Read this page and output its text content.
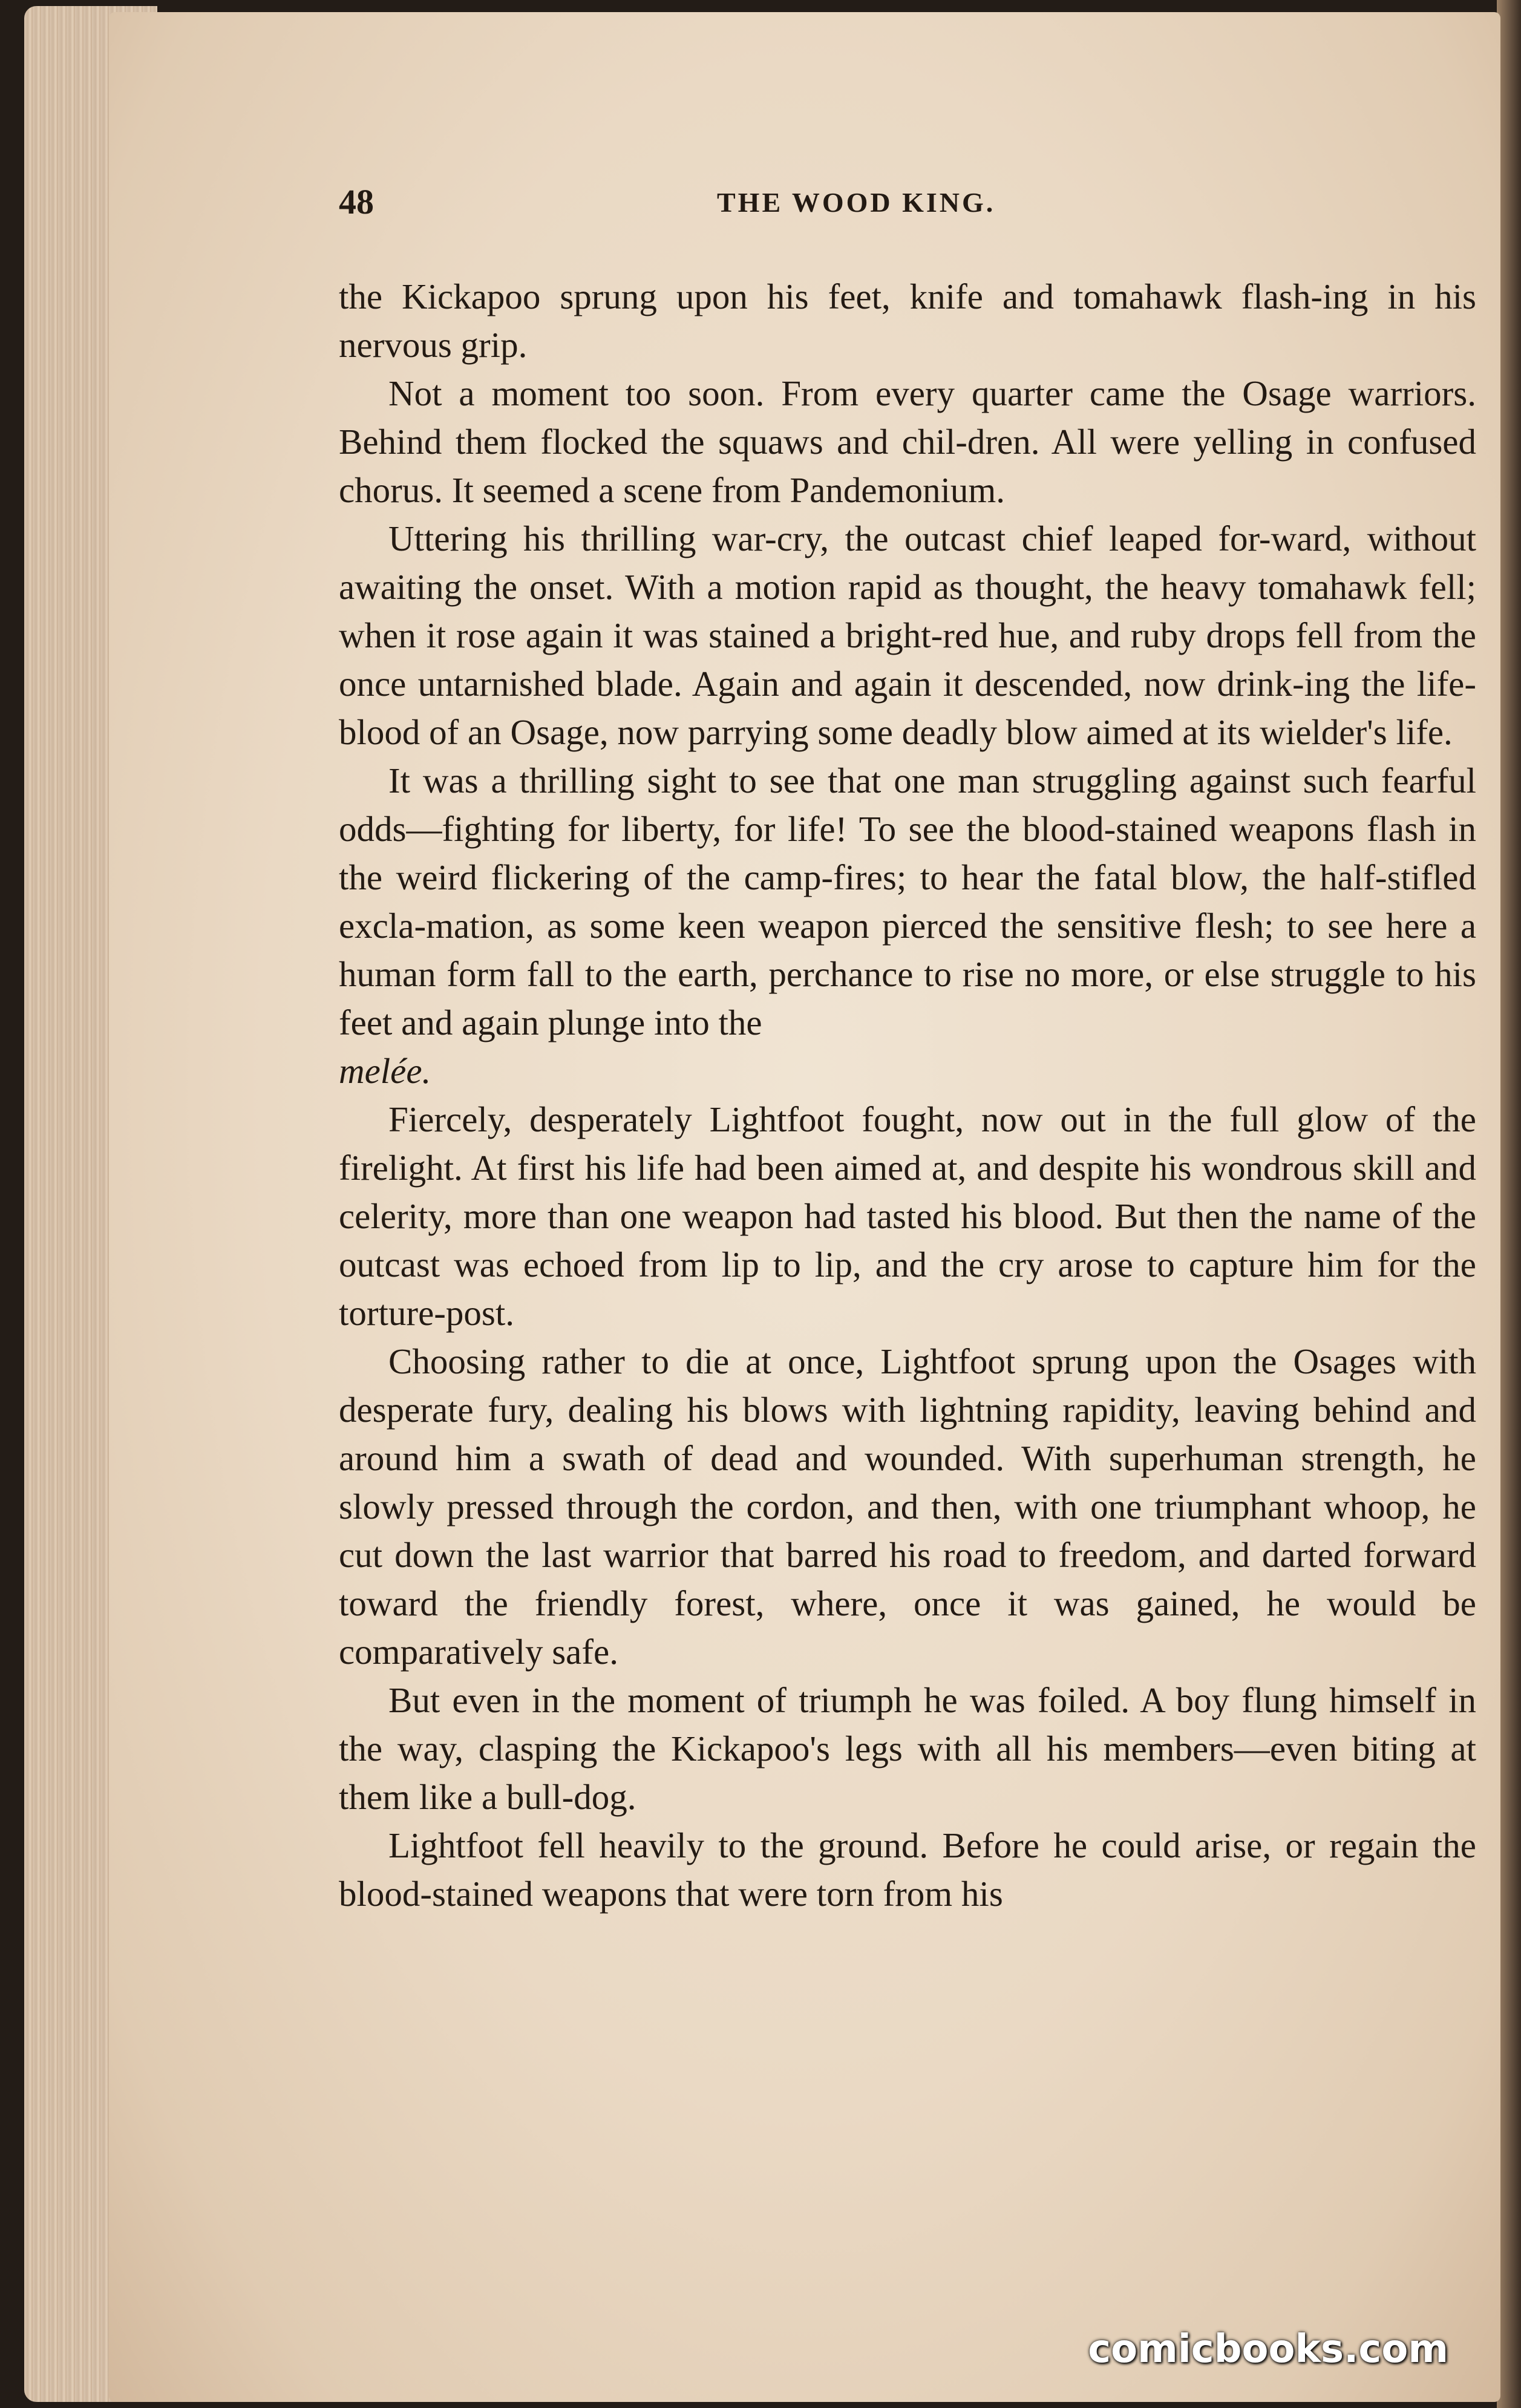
48	THE WOOD KING.

the Kickapoo sprung upon his feet, knife and tomahawk flash-ing in his nervous grip.

Not a moment too soon. From every quarter came the Osage warriors. Behind them flocked the squaws and chil-dren. All were yelling in confused chorus. It seemed a scene from Pandemonium.

Uttering his thrilling war-cry, the outcast chief leaped for-ward, without awaiting the onset. With a motion rapid as thought, the heavy tomahawk fell; when it rose again it was stained a bright-red hue, and ruby drops fell from the once untarnished blade. Again and again it descended, now drink-ing the life-blood of an Osage, now parrying some deadly blow aimed at its wielder's life.

It was a thrilling sight to see that one man struggling against such fearful odds—fighting for liberty, for life! To see the blood-stained weapons flash in the weird flickering of the camp-fires; to hear the fatal blow, the half-stifled excla-mation, as some keen weapon pierced the sensitive flesh; to see here a human form fall to the earth, perchance to rise no more, or else struggle to his feet and again plunge into the
melée.

Fiercely, desperately Lightfoot fought, now out in the full glow of the firelight. At first his life had been aimed at, and despite his wondrous skill and celerity, more than one weapon had tasted his blood. But then the name of the outcast was echoed from lip to lip, and the cry arose to capture him for the torture-post.

Choosing rather to die at once, Lightfoot sprung upon the Osages with desperate fury, dealing his blows with lightning rapidity, leaving behind and around him a swath of dead and wounded. With superhuman strength, he slowly pressed through the cordon, and then, with one triumphant whoop, he cut down the last warrior that barred his road to freedom, and darted forward toward the friendly forest, where, once it was gained, he would be comparatively safe.

But even in the moment of triumph he was foiled. A boy flung himself in the way, clasping the Kickapoo's legs with all his members—even biting at them like a bull-dog.

Lightfoot fell heavily to the ground. Before he could arise, or regain the blood-stained weapons that were torn from his

comicbooks.com
